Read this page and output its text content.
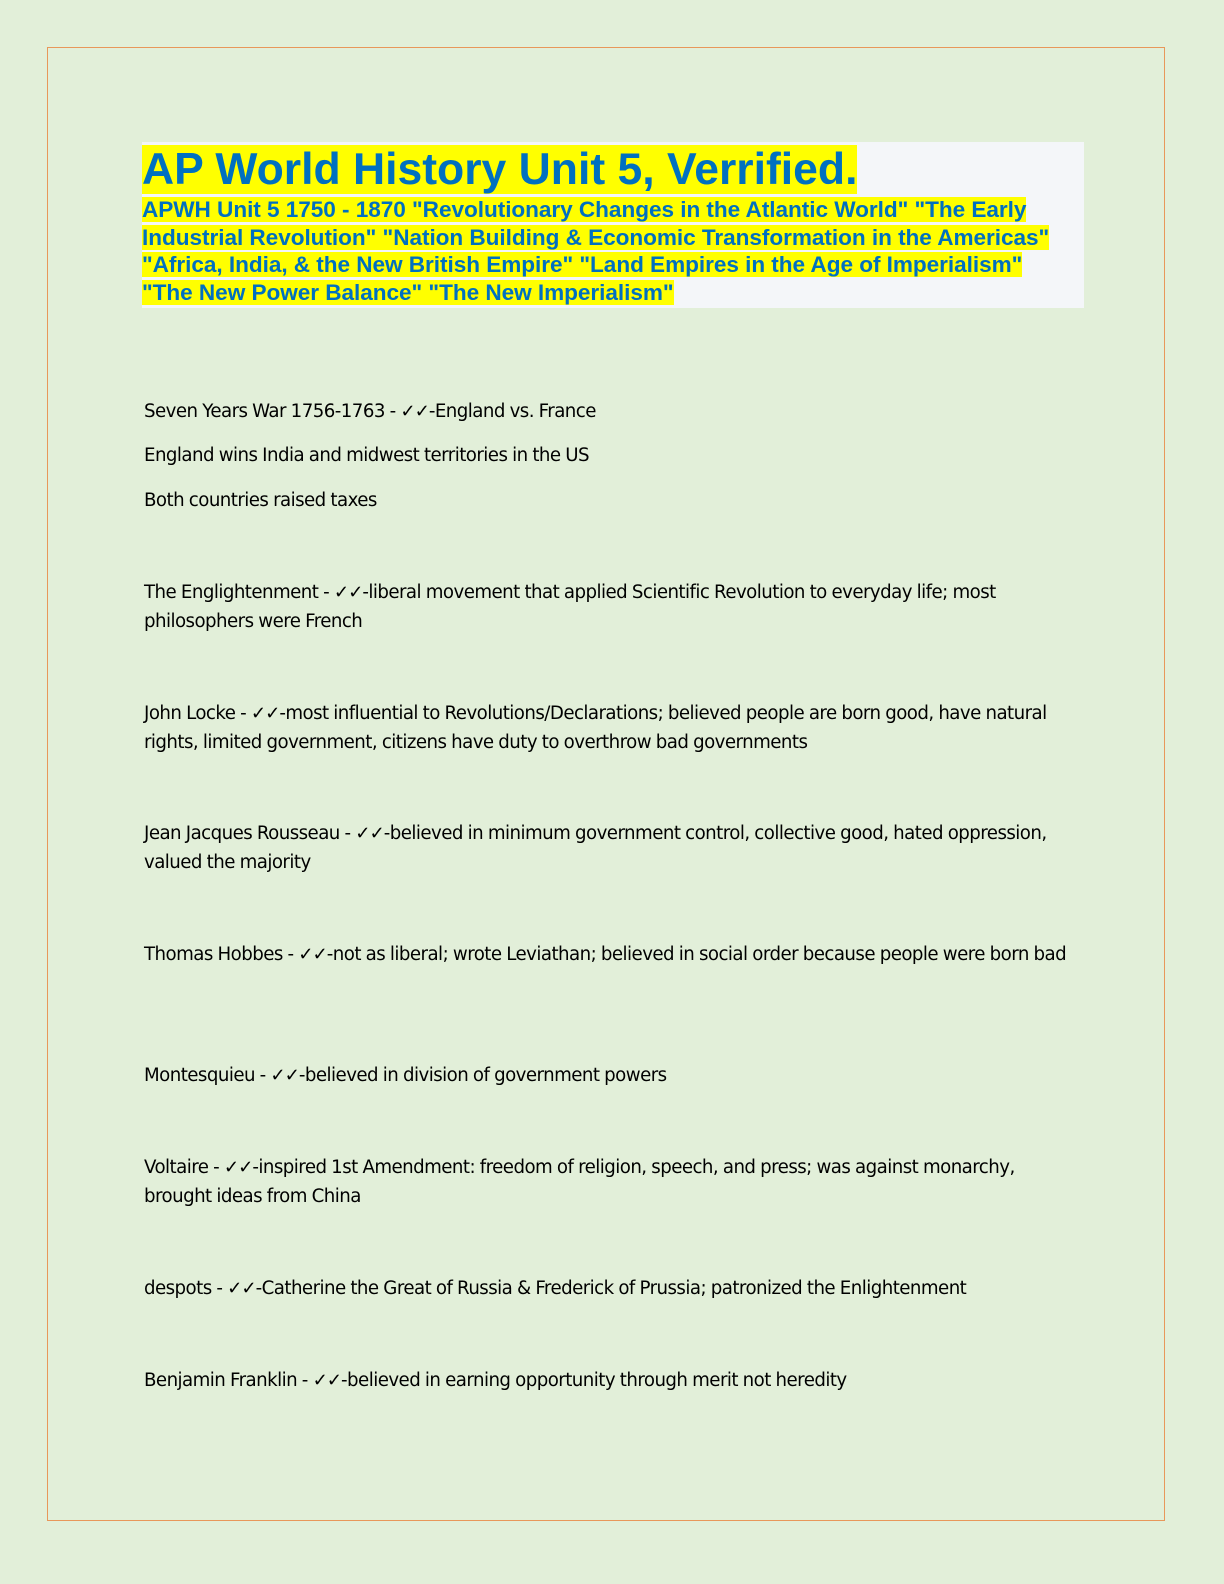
AP World History Unit 5, Verrified.

APWH Unit 5 1750 - 1870 "Revolutionary Changes in the Atlantic World" "The Early Industrial Revolution" "Nation Building & Economic Transformation in the Americas" "Africa, India, & the New British Empire" "Land Empires in the Age of Imperialism" "The New Power Balance" "The New Imperialism"

Seven Years War 1756-1763 - ✓✓-England vs. France

England wins India and midwest territories in the US

Both countries raised taxes

The Englightenment - ✓✓-liberal movement that applied Scientific Revolution to everyday life; most philosophers were French

John Locke - ✓✓-most influential to Revolutions/Declarations; believed people are born good, have natural rights, limited government, citizens have duty to overthrow bad governments

Jean Jacques Rousseau - ✓✓-believed in minimum government control, collective good, hated oppression, valued the majority

Thomas Hobbes - ✓✓-not as liberal; wrote Leviathan; believed in social order because people were born bad

Montesquieu - ✓✓-believed in division of government powers

Voltaire - ✓✓-inspired 1st Amendment: freedom of religion, speech, and press; was against monarchy, brought ideas from China

despots - ✓✓-Catherine the Great of Russia & Frederick of Prussia; patronized the Enlightenment

Benjamin Franklin - ✓✓-believed in earning opportunity through merit not heredity
